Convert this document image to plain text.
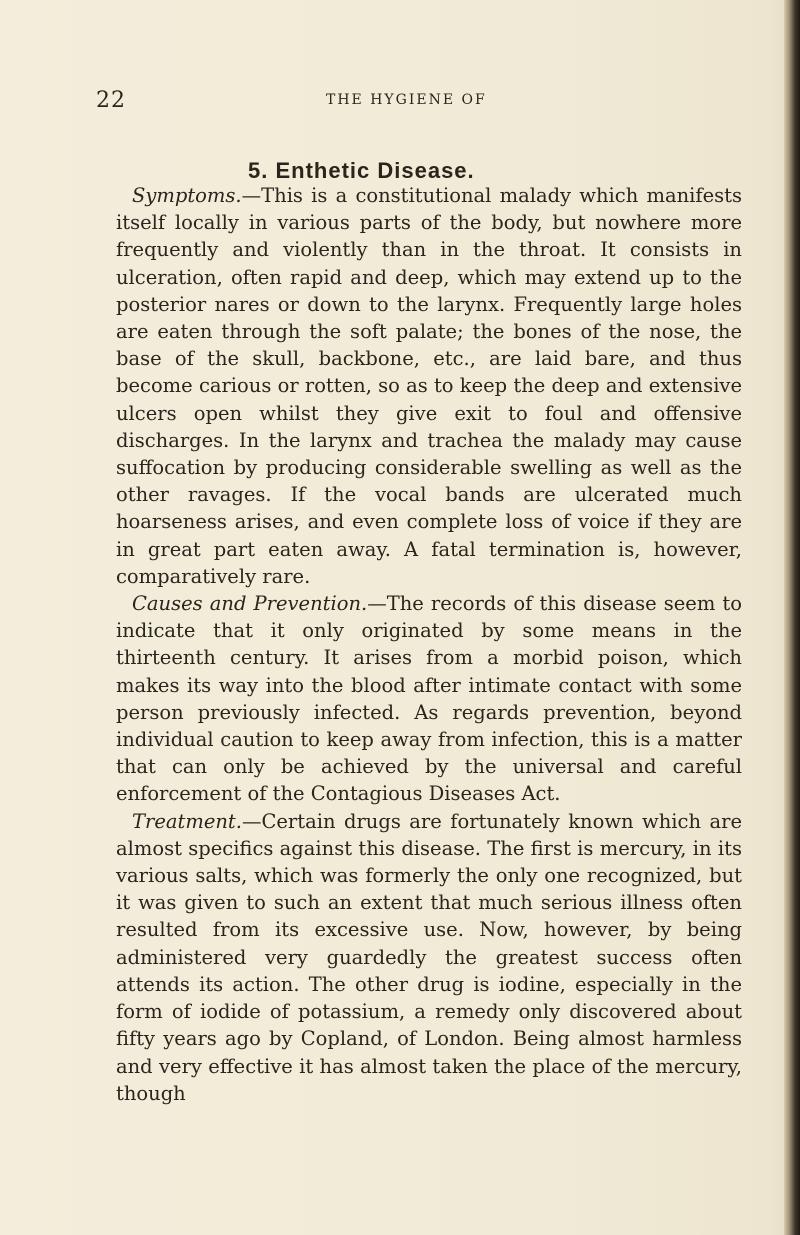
22	THE HYGIENE OF
5. Enthetic Disease.

Symptoms.—This is a constitutional malady which manifests itself locally in various parts of the body, but nowhere more frequently and violently than in the throat. It consists in ulceration, often rapid and deep, which may extend up to the posterior nares or down to the larynx. Frequently large holes are eaten through the soft palate; the bones of the nose, the base of the skull, backbone, etc., are laid bare, and thus become carious or rotten, so as to keep the deep and extensive ulcers open whilst they give exit to foul and offensive discharges. In the larynx and trachea the malady may cause suffocation by producing considerable swelling as well as the other ravages. If the vocal bands are ulcerated much hoarseness arises, and even complete loss of voice if they are in great part eaten away. A fatal termination is, however, comparatively rare.

Causes and Prevention.—The records of this disease seem to indicate that it only originated by some means in the thirteenth century. It arises from a morbid poison, which makes its way into the blood after intimate contact with some person previously infected. As regards prevention, beyond individual caution to keep away from infection, this is a matter that can only be achieved by the universal and careful enforcement of the Contagious Diseases Act.

Treatment.—Certain drugs are fortunately known which are almost specifics against this disease. The first is mercury, in its various salts, which was formerly the only one recognized, but it was given to such an extent that much serious illness often resulted from its excessive use. Now, however, by being administered very guardedly the greatest success often attends its action. The other drug is iodine, especially in the form of iodide of potassium, a remedy only discovered about fifty years ago by Copland, of London. Being almost harmless and very effective it has almost taken the place of the mercury, though
